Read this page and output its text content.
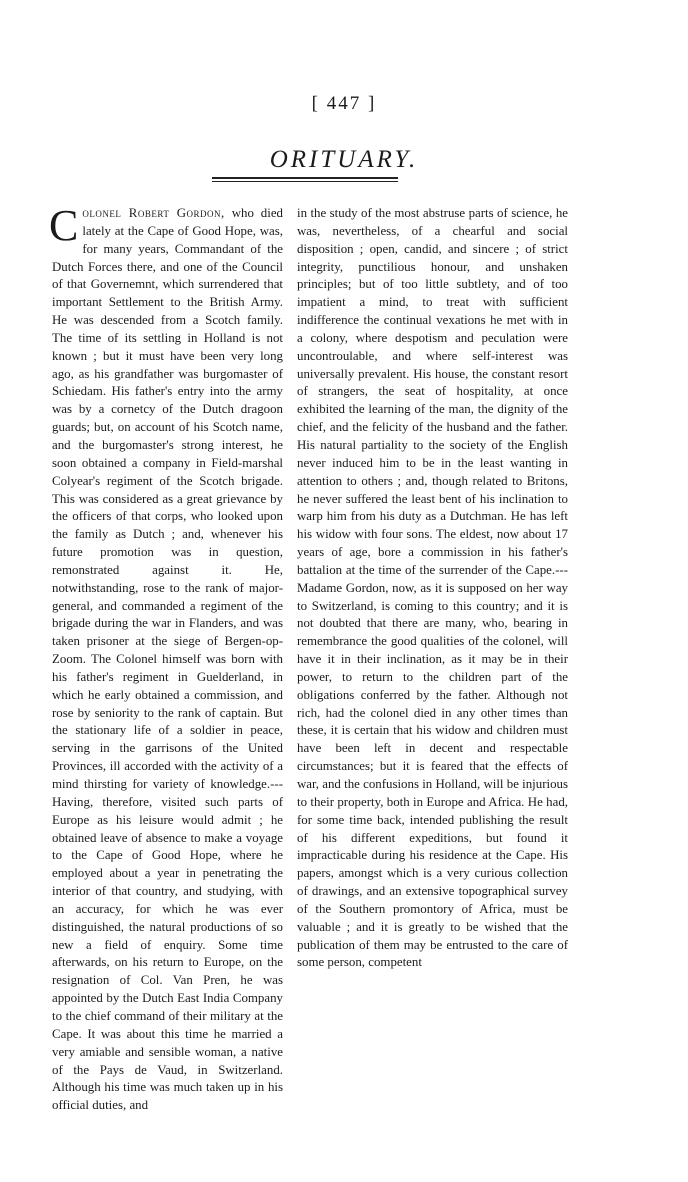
[ 447 ]
ORITUARY.

Colonel Robert Gordon, who died lately at the Cape of Good Hope, was, for many years, Commandant of the Dutch Forces there, and one of the Council of that Governemnt, which surrendered that important Settlement to the British Army. He was descended from a Scotch family. The time of its settling in Holland is not known ; but it must have been very long ago, as his grandfather was burgomaster of Schiedam. His father's entry into the army was by a cornetcy of the Dutch dragoon guards; but, on account of his Scotch name, and the burgomaster's strong interest, he soon obtained a company in Field-marshal Colyear's regiment of the Scotch brigade. This was considered as a great grievance by the officers of that corps, who looked upon the family as Dutch ; and, whenever his future promotion was in question, remonstrated against it. He, notwithstanding, rose to the rank of major-general, and commanded a regiment of the brigade during the war in Flanders, and was taken prisoner at the siege of Bergen-op-Zoom. The Colonel himself was born with his father's regiment in Guelderland, in which he early obtained a commission, and rose by seniority to the rank of captain. But the stationary life of a soldier in peace, serving in the garrisons of the United Provinces, ill accorded with the activity of a mind thirsting for variety of knowledge.--- Having, therefore, visited such parts of Europe as his leisure would admit ; he obtained leave of absence to make a voyage to the Cape of Good Hope, where he employed about a year in penetrating the interior of that country, and studying, with an accuracy, for which he was ever distinguished, the natural productions of so new a field of enquiry. Some time afterwards, on his return to Europe, on the resignation of Col. Van Pren, he was appointed by the Dutch East India Company to the chief command of their military at the Cape. It was about this time he married a very amiable and sensible woman, a native of the Pays de Vaud, in Switzerland. Although his time was much taken up in his official duties, and

in the study of the most abstruse parts of science, he was, nevertheless, of a chearful and social disposition ; open, candid, and sincere ; of strict integrity, punctilious honour, and unshaken principles; but of too little subtlety, and of too impatient a mind, to treat with sufficient indifference the continual vexations he met with in a colony, where despotism and peculation were uncontroulable, and where self-interest was universally prevalent. His house, the constant resort of strangers, the seat of hospitality, at once exhibited the learning of the man, the dignity of the chief, and the felicity of the husband and the father. His natural partiality to the society of the English never induced him to be in the least wanting in attention to others ; and, though related to Britons, he never suffered the least bent of his inclination to warp him from his duty as a Dutchman. He has left his widow with four sons. The eldest, now about 17 years of age, bore a commission in his father's battalion at the time of the surrender of the Cape.--- Madame Gordon, now, as it is supposed on her way to Switzerland, is coming to this country; and it is not doubted that there are many, who, bearing in remembrance the good qualities of the colonel, will have it in their inclination, as it may be in their power, to return to the children part of the obligations conferred by the father. Although not rich, had the colonel died in any other times than these, it is certain that his widow and children must have been left in decent and respectable circumstances; but it is feared that the effects of war, and the confusions in Holland, will be injurious to their property, both in Europe and Africa. He had, for some time back, intended publishing the result of his different expeditions, but found it impracticable during his residence at the Cape. His papers, amongst which is a very curious collection of drawings, and an extensive topographical survey of the Southern promontory of Africa, must be valuable ; and it is greatly to be wished that the publication of them may be entrusted to the care of some person, competent
